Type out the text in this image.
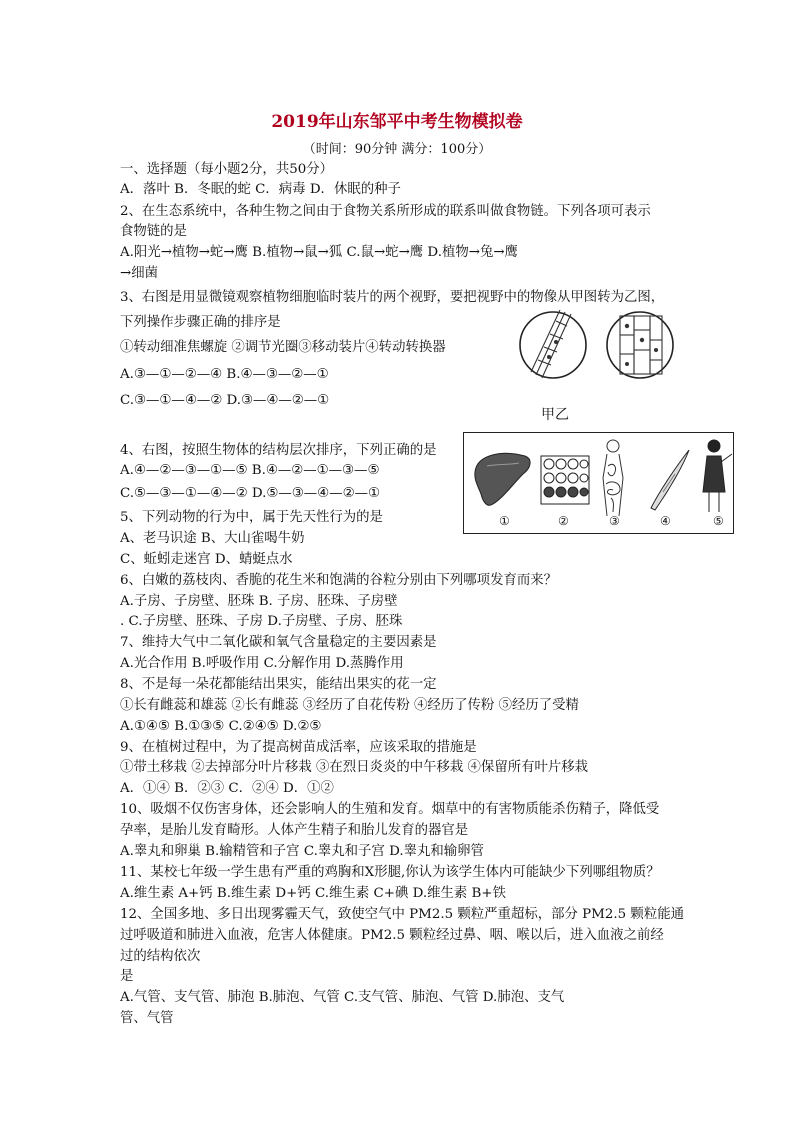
2019年山东邹平中考生物模拟卷
（时间：90分钟 满分：100分）
一、选择题（每小题2分，共50分）
A．落叶 B．冬眠的蛇 C．病毒 D．休眠的种子
2、在生态系统中，各种生物之间由于食物关系所形成的联系叫做食物链。下列各项可表示
食物链的是
A.阳光→植物→蛇→鹰 B.植物→鼠→狐 C.鼠→蛇→鹰 D.植物→兔→鹰
→细菌
3、右图是用显微镜观察植物细胞临时装片的两个视野，要把视野中的物像从甲图转为乙图，
下列操作步骤正确的排序是
①转动细准焦螺旋 ②调节光圈③移动装片④转动转换器
A.③—①—②—④ B.④—③—②—①
C.③—①—④—② D.③—④—②—①
4、右图，按照生物体的结构层次排序，下列正确的是
A.④—②—③—①—⑤ B.④—②—①—③—⑤
C.⑤—③—①—④—② D.⑤—③—④—②—①
5、下列动物的行为中，属于先天性行为的是
A、老马识途 B、大山雀喝牛奶
C、蚯蚓走迷宫 D、蜻蜓点水
6、白嫩的荔枝肉、香脆的花生米和饱满的谷粒分别由下列哪项发育而来？
A.子房、子房壁、胚珠 B. 子房、胚珠、子房壁
. C.子房壁、胚珠、子房 D.子房壁、子房、胚珠
7、维持大气中二氧化碳和氧气含量稳定的主要因素是
A.光合作用 B.呼吸作用 C.分解作用 D.蒸腾作用
8、不是每一朵花都能结出果实，能结出果实的花一定
①长有雌蕊和雄蕊 ②长有雌蕊 ③经历了自花传粉 ④经历了传粉 ⑤经历了受精
A.①④⑤ B.①③⑤ C.②④⑤ D.②⑤
9、在植树过程中，为了提高树苗成活率，应该采取的措施是
①带土移栽 ②去掉部分叶片移栽 ③在烈日炎炎的中午移栽 ④保留所有叶片移栽
A．①④ B．②③ C．②④ D．①②
10、吸烟不仅伤害身体，还会影响人的生殖和发育。烟草中的有害物质能杀伤精子，降低受
孕率，是胎儿发育畸形。人体产生精子和胎儿发育的器官是
A.睾丸和卵巢 B.输精管和子宫 C.睾丸和子宫 D.睾丸和输卵管
11、某校七年级一学生患有严重的鸡胸和X形腿,你认为该学生体内可能缺少下列哪组物质？
A.维生素 A+钙 B.维生素 D+钙 C.维生素 C+碘 D.维生素 B+铁
12、全国多地、多日出现雾霾天气，致使空气中 PM2.5 颗粒严重超标，部分 PM2.5 颗粒能通
过呼吸道和肺进入血液，危害人体健康。PM2.5 颗粒经过鼻、咽、喉以后，进入血液之前经
过的结构依次
是
A.气管、支气管、肺泡 B.肺泡、气管 C.支气管、肺泡、气管 D.肺泡、支气
管、气管
甲乙
①	②	③	④	⑤
